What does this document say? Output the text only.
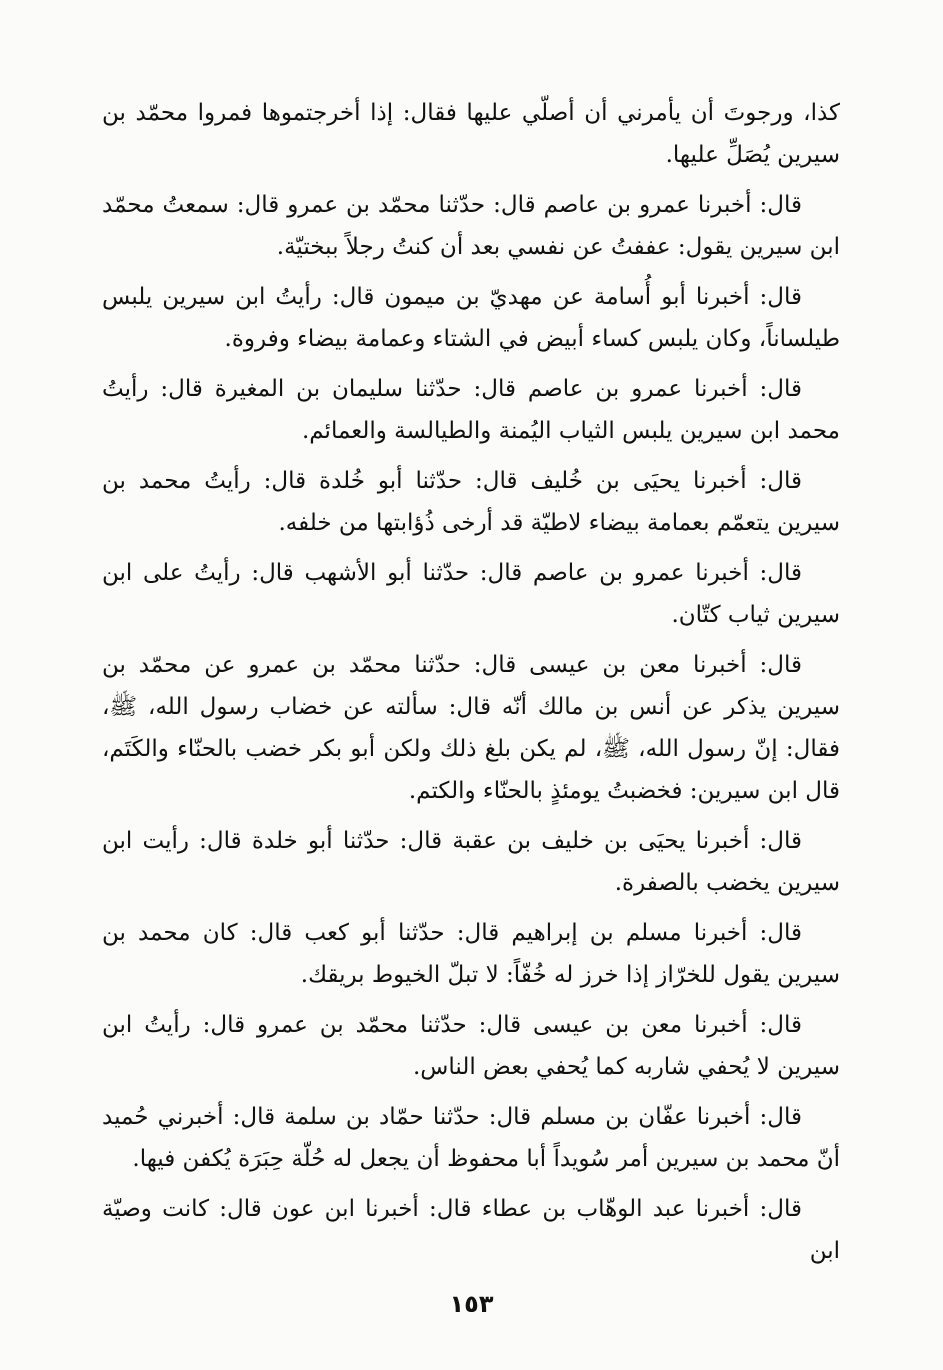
كذا، ورجوتَ أن يأمرني أن أصلّي عليها فقال: إذا أخرجتموها فمروا محمّد بن سيرين يُصَلِّ عليها.

قال: أخبرنا عمرو بن عاصم قال: حدّثنا محمّد بن عمرو قال: سمعتُ محمّد ابن سيرين يقول: عففتُ عن نفسي بعد أن كنتُ رجلاً ببختيّة.

قال: أخبرنا أبو أُسامة عن مهديّ بن ميمون قال: رأيتُ ابن سيرين يلبس طيلساناً، وكان يلبس كساء أبيض في الشتاء وعمامة بيضاء وفروة.

قال: أخبرنا عمرو بن عاصم قال: حدّثنا سليمان بن المغيرة قال: رأيتُ محمد ابن سيرين يلبس الثياب اليُمنة والطيالسة والعمائم.

قال: أخبرنا يحيَى بن خُليف قال: حدّثنا أبو خُلدة قال: رأيتُ محمد بن سيرين يتعمّم بعمامة بيضاء لاطيّة قد أرخى ذُؤابتها من خلفه.

قال: أخبرنا عمرو بن عاصم قال: حدّثنا أبو الأشهب قال: رأيتُ على ابن سيرين ثياب كتّان.

قال: أخبرنا معن بن عيسى قال: حدّثنا محمّد بن عمرو عن محمّد بن سيرين يذكر عن أنس بن مالك أنّه قال: سألته عن خضاب رسول الله، ﷺ، فقال: إنّ رسول الله، ﷺ، لم يكن بلغ ذلك ولكن أبو بكر خضب بالحنّاء والكَتَم، قال ابن سيرين: فخضبتُ يومئذٍ بالحنّاء والكتم.

قال: أخبرنا يحيَى بن خليف بن عقبة قال: حدّثنا أبو خلدة قال: رأيت ابن سيرين يخضب بالصفرة.

قال: أخبرنا مسلم بن إبراهيم قال: حدّثنا أبو كعب قال: كان محمد بن سيرين يقول للخرّاز إذا خرز له خُفّاً: لا تبلّ الخيوط بريقك.

قال: أخبرنا معن بن عيسى قال: حدّثنا محمّد بن عمرو قال: رأيتُ ابن سيرين لا يُحفي شاربه كما يُحفي بعض الناس.

قال: أخبرنا عفّان بن مسلم قال: حدّثنا حمّاد بن سلمة قال: أخبرني حُميد أنّ محمد بن سيرين أمر سُويداً أبا محفوظ أن يجعل له حُلّة حِبَرَة يُكفن فيها.

قال: أخبرنا عبد الوهّاب بن عطاء قال: أخبرنا ابن عون قال: كانت وصيّة ابن

١٥٣
